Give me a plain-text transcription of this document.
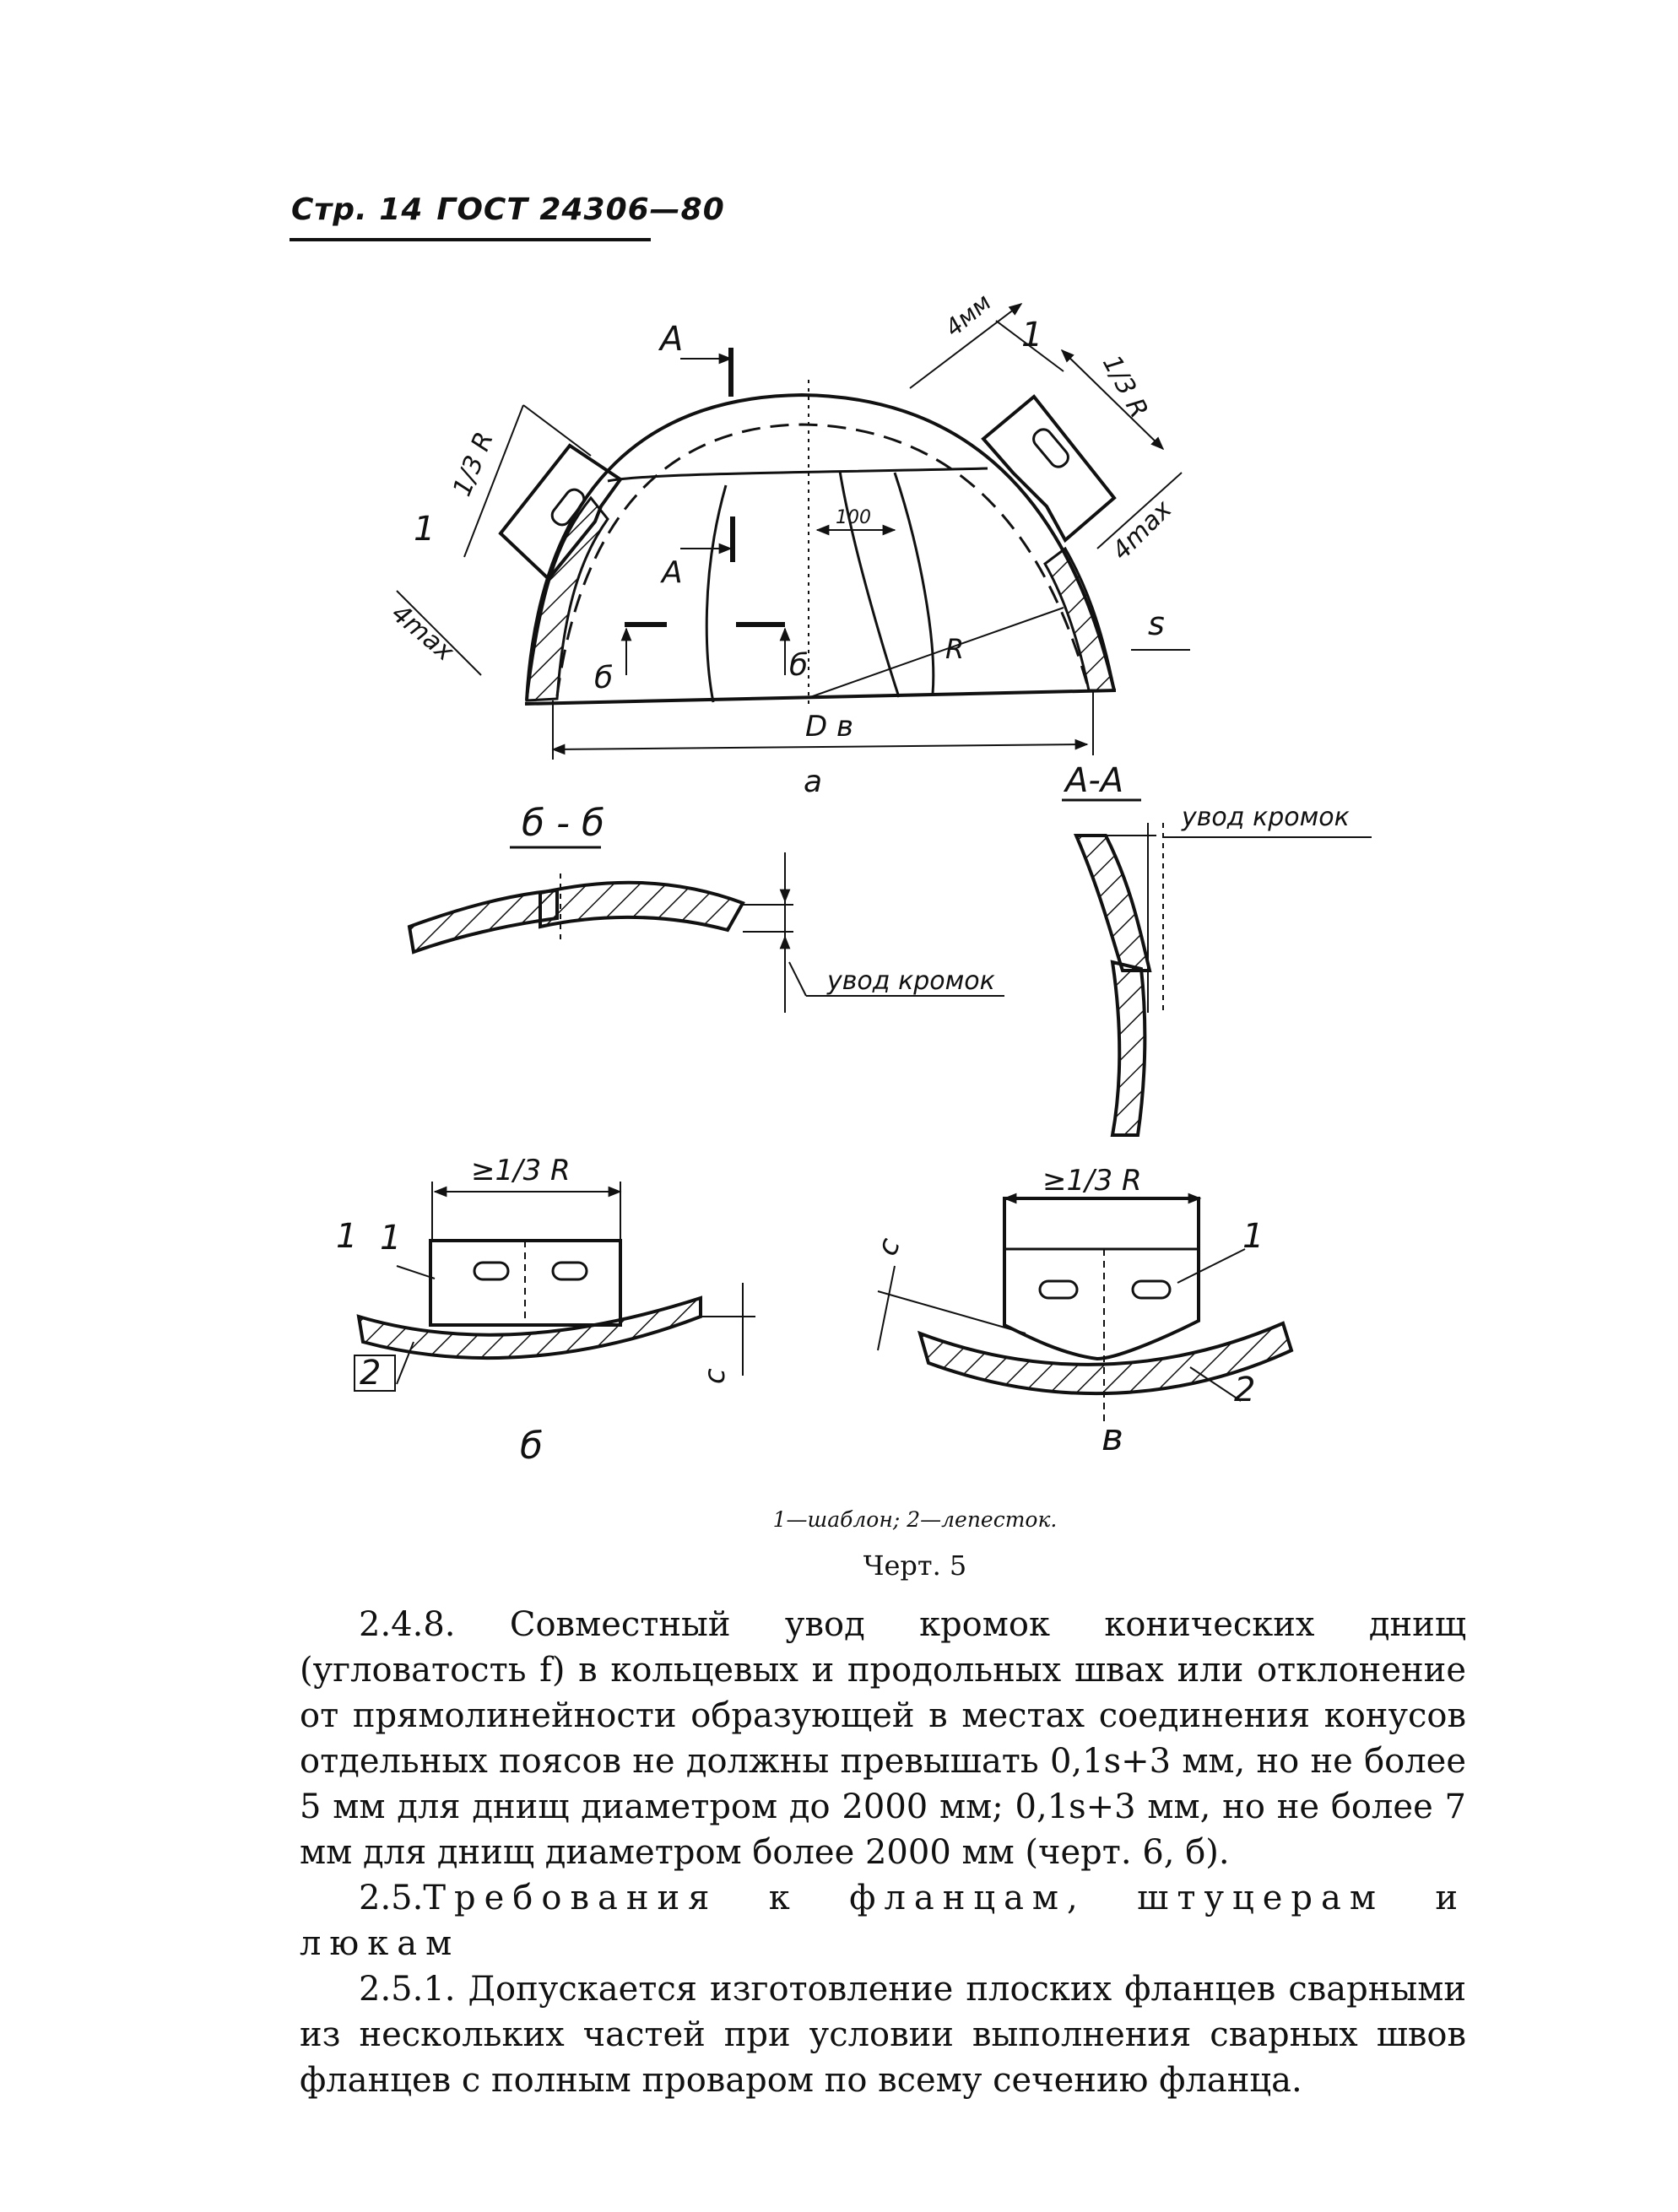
Стр. 14 ГОСТ 24306—80
А
А
D в
R
s
100
4мм
4max
4max
1/3 R
1/3 R
1
1
б	б
а	А-А
б - б
увод кромок
увод кромок
≥1/3 R
1
1
2	с
б
≥1/3 R
1
2
с
в
1—шаблон; 2—лепесток.
Черт. 5

2.4.8. Совместный увод кромок конических днищ (угловатость f) в кольцевых и продольных швах или отклонение от прямолинейности образующей в местах соединения конусов отдельных поясов не должны превышать 0,1s+3 мм, но не более 5 мм для днищ диаметром до 2000 мм; 0,1s+3 мм, но не более 7 мм для днищ диаметром более 2000 мм (черт. 6, б).

2.5.Требования к фланцам, штуцерам и люкам

2.5.1. Допускается изготовление плоских фланцев сварными из нескольких частей при условии выполнения сварных швов фланцев с полным проваром по всему сечению фланца.
